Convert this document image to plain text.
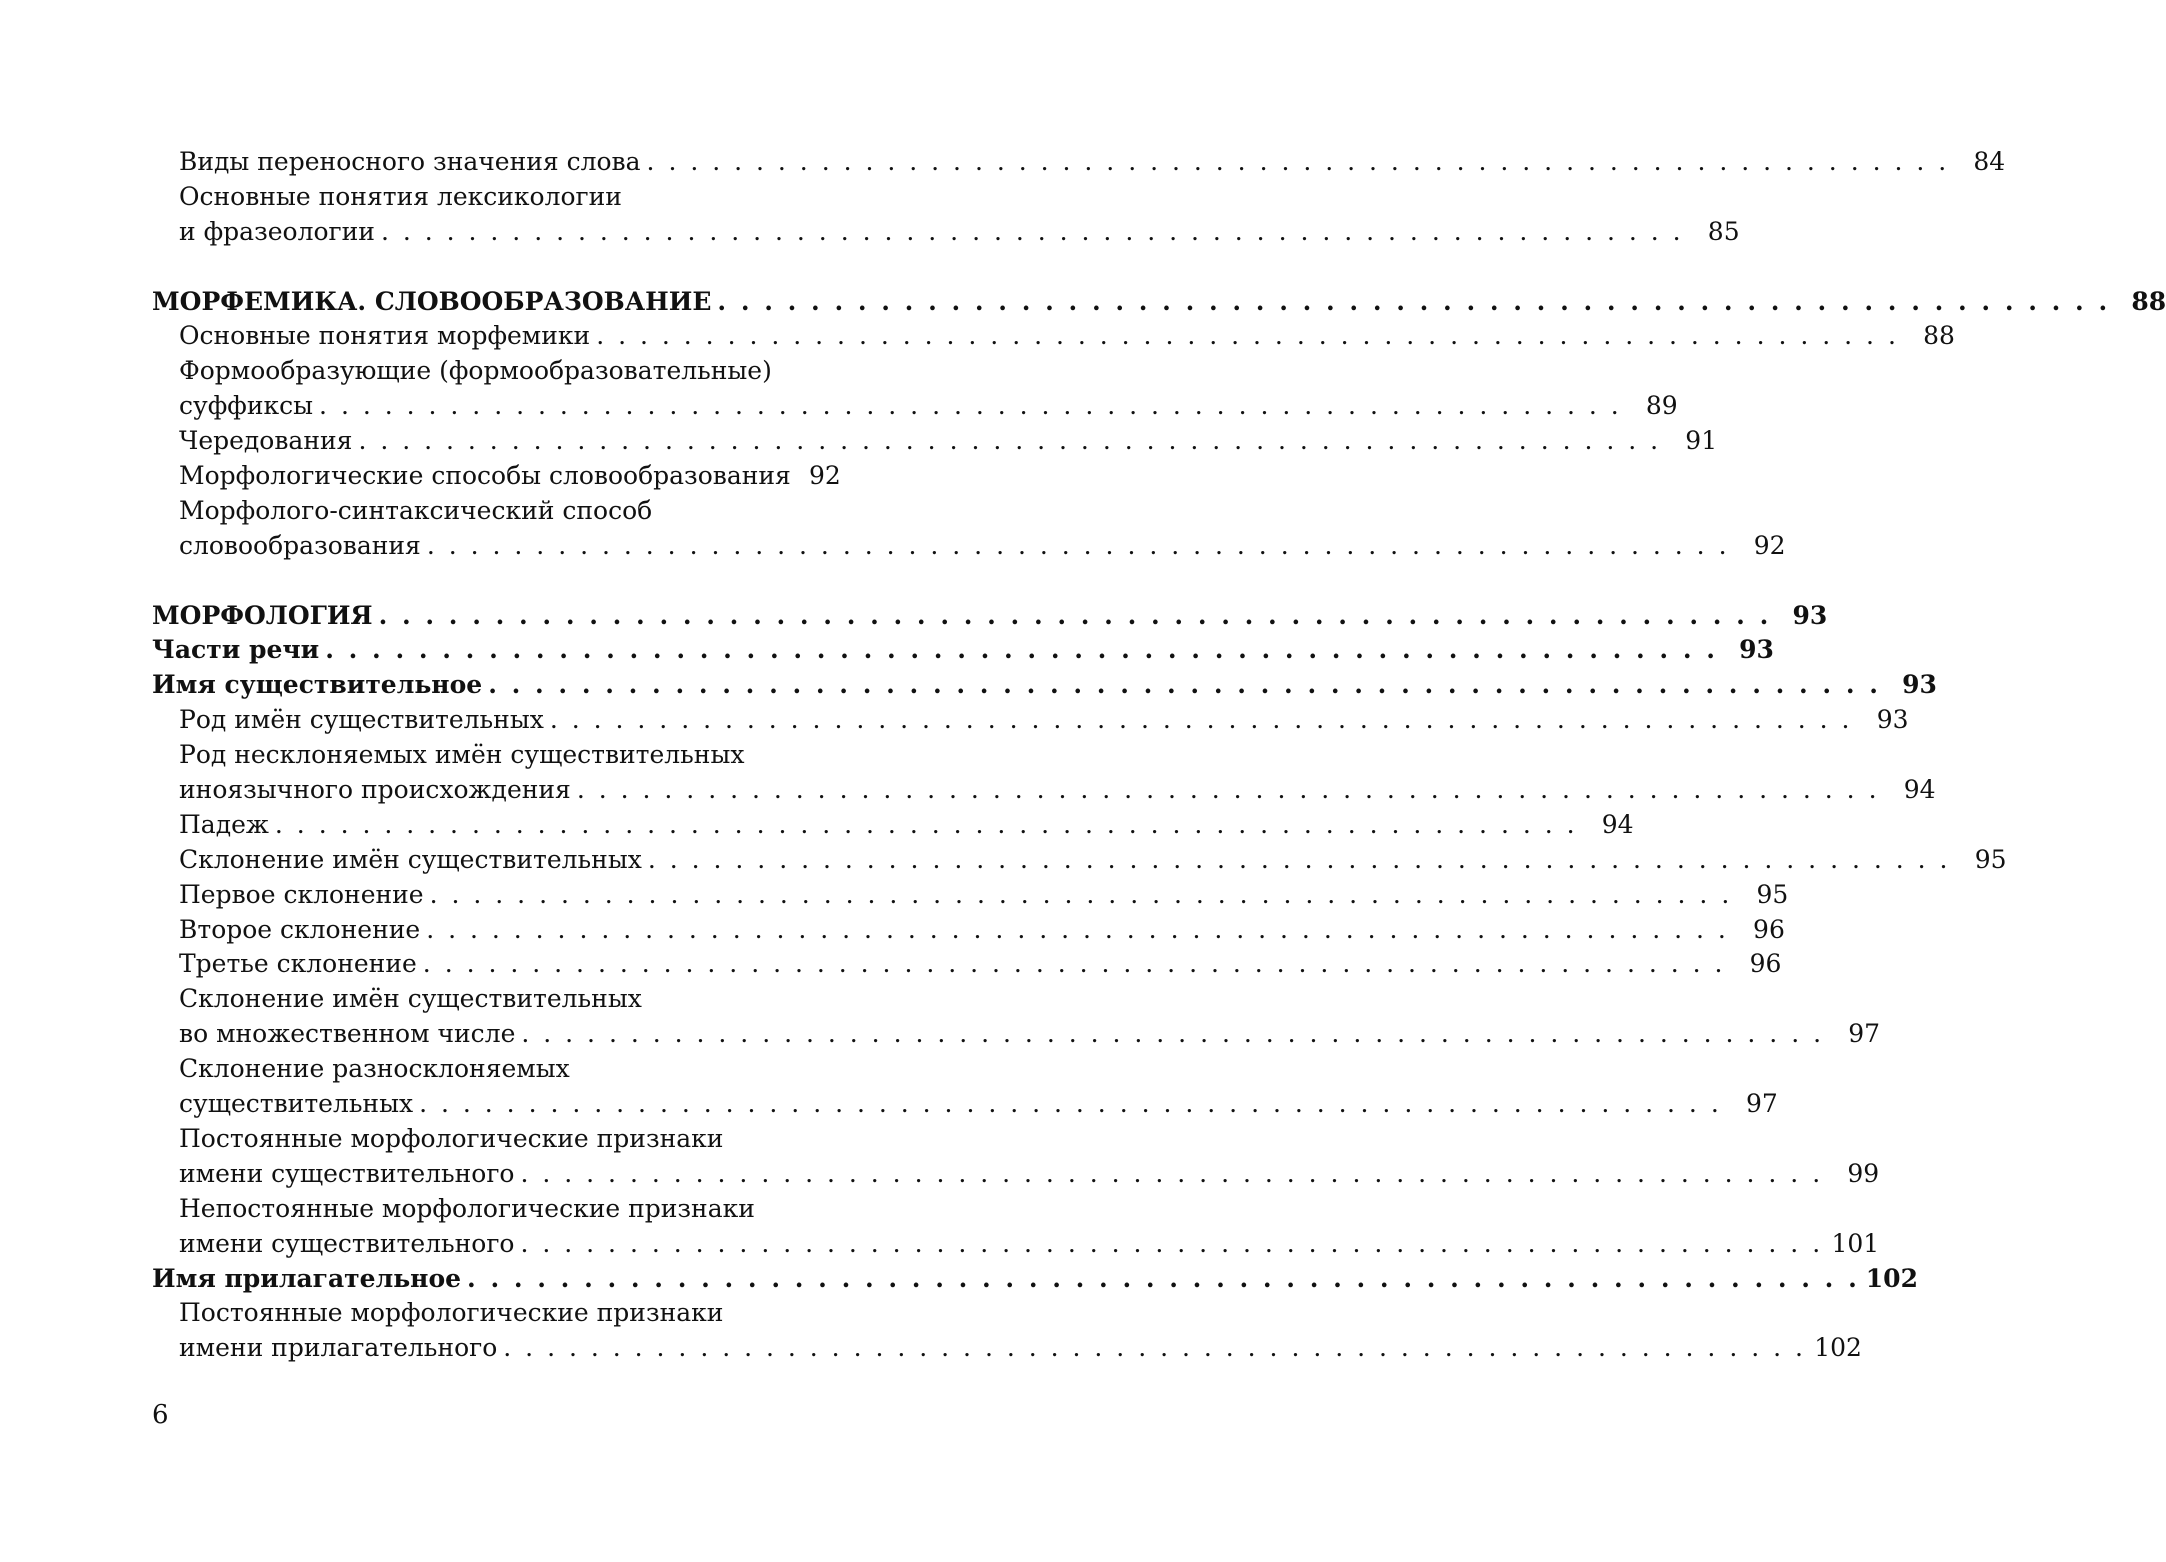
Виды переносного значения слова . . .	84
Основные понятия лексикологии
и фразеологии . . .	85
МОРФЕМИКА. СЛОВООБРАЗОВАНИЕ . . .	88
Основные понятия морфемики . . .	88
Формообразующие (формообразовательные)
суффиксы . . .	89
Чередования . . .	91
Морфологические способы словообразования 92
Морфолого-синтаксический способ
словообразования . . .	92
МОРФОЛОГИЯ . . .	93
Части речи . . .	93
Имя существительное . . .	93
Род имён существительных . . .	93
Род несклоняемых имён существительных
иноязычного происхождения . . .	94
Падеж . . .	94
Склонение имён существительных . . .	95
Первое склонение . . .	95
Второе склонение . . .	96
Третье склонение . . .	96
Склонение имён существительных
во множественном числе . . .	97
Склонение разносклоняемых
существительных . . .	97
Постоянные морфологические признаки
имени существительного . . .	99
Непостоянные морфологические признаки
имени существительного . . .	101
Имя прилагательное . . .	102
Постоянные морфологические признаки
имени прилагательного . . .	102
6
